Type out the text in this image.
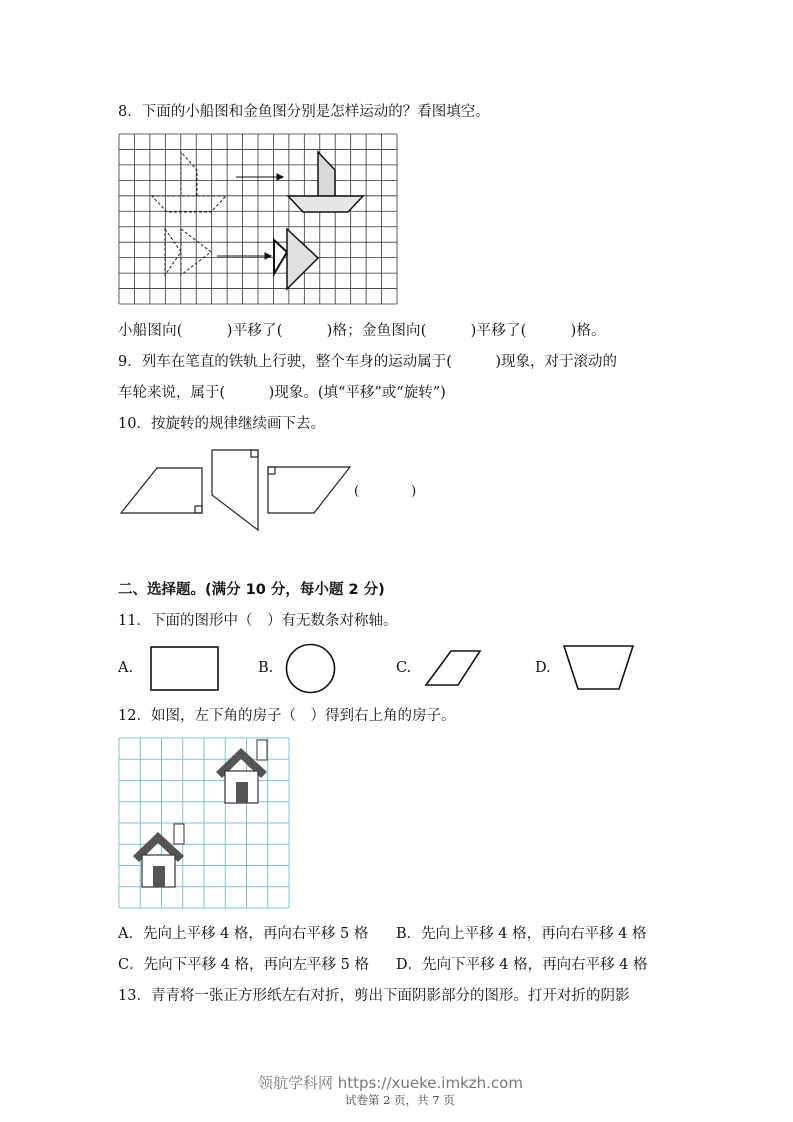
8．下面的小船图和金鱼图分别是怎样运动的？看图填空。
小船图向(　　　)平移了(　　　)格；金鱼图向(　　　)平移了(　　　)格。
9．列车在笔直的铁轨上行驶，整个车身的运动属于(　　　)现象，对于滚动的
车轮来说，属于(　　　)现象。(填“平移”或“旋转”)
10．按旋转的规律继续画下去。
(　　　　)
二、选择题。(满分 10 分，每小题 2 分)
11．下面的图形中（　）有无数条对称轴。
A.	B.	C.	D.
12．如图，左下角的房子（　）得到右上角的房子。
A．先向上平移 4 格，再向右平移 5 格 B．先向上平移 4 格，再向右平移 4 格
C．先向下平移 4 格，再向左平移 5 格 D．先向下平移 4 格，再向右平移 4 格
13．青青将一张正方形纸左右对折，剪出下面阴影部分的图形。打开对折的阴影
领航学科网 https://xueke.imkzh.com
试卷第 2 页，共 7 页
